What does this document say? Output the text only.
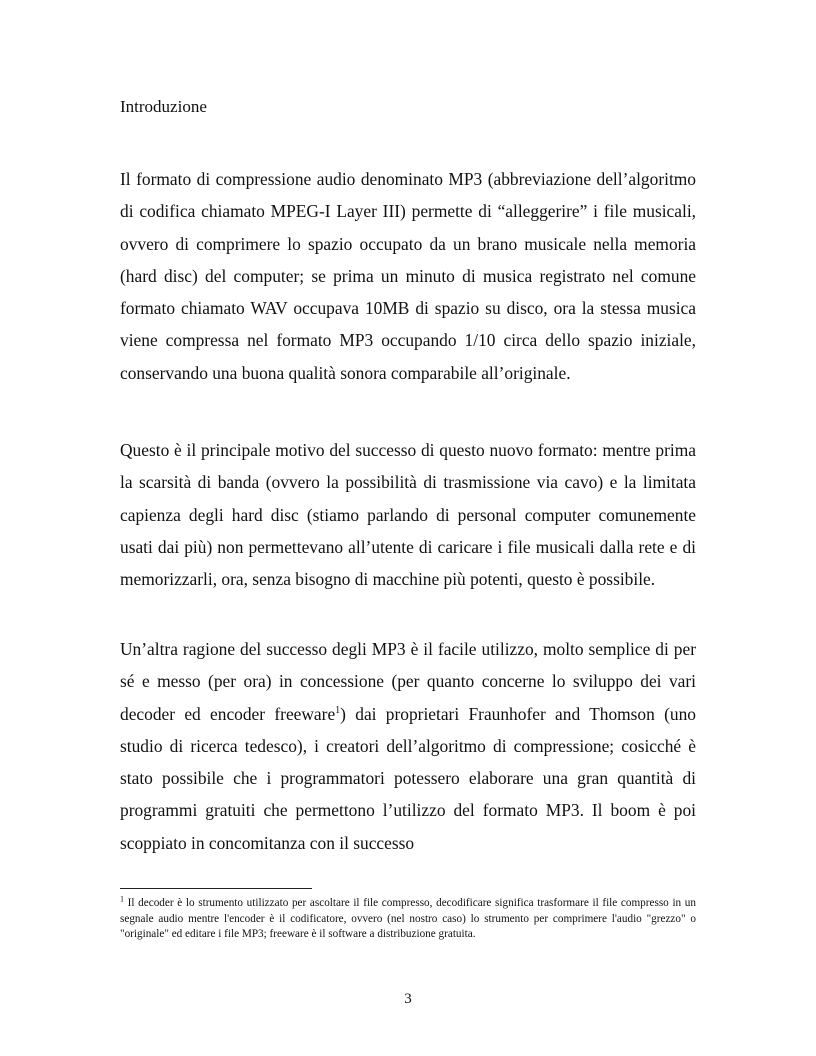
Introduzione

Il formato di compressione audio denominato MP3 (abbreviazione dell’algoritmo di codifica chiamato MPEG-I Layer III) permette di “alleggerire” i file musicali, ovvero di comprimere lo spazio occupato da un brano musicale nella memoria (hard disc) del computer; se prima un minuto di musica registrato nel comune formato chiamato WAV occupava 10MB di spazio su disco, ora la stessa musica viene compressa nel formato MP3 occupando 1/10 circa dello spazio iniziale, conservando una buona qualità sonora comparabile all’originale.

Questo è il principale motivo del successo di questo nuovo formato: mentre prima la scarsità di banda (ovvero la possibilità di trasmissione via cavo) e la limitata capienza degli hard disc (stiamo parlando di personal computer comunemente usati dai più) non permettevano all’utente di caricare i file musicali dalla rete e di memorizzarli, ora, senza bisogno di macchine più potenti, questo è possibile.

Un’altra ragione del successo degli MP3 è il facile utilizzo, molto semplice di per sé e messo (per ora) in concessione (per quanto concerne lo sviluppo dei vari decoder ed encoder freeware$^1$) dai proprietari Fraunhofer and Thomson (uno studio di ricerca tedesco), i creatori dell’algoritmo di compressione; cosicché è stato possibile che i programmatori potessero elaborare una gran quantità di programmi gratuiti che permettono l’utilizzo del formato MP3. Il boom è poi scoppiato in concomitanza con il successo

$^1$ Il decoder è lo strumento utilizzato per ascoltare il file compresso, decodificare significa trasformare il file compresso in un segnale audio mentre l'encoder è il codificatore, ovvero (nel nostro caso) lo strumento per comprimere l'audio "grezzo" o "originale" ed editare i file MP3; freeware è il software a distribuzione gratuita.

3
